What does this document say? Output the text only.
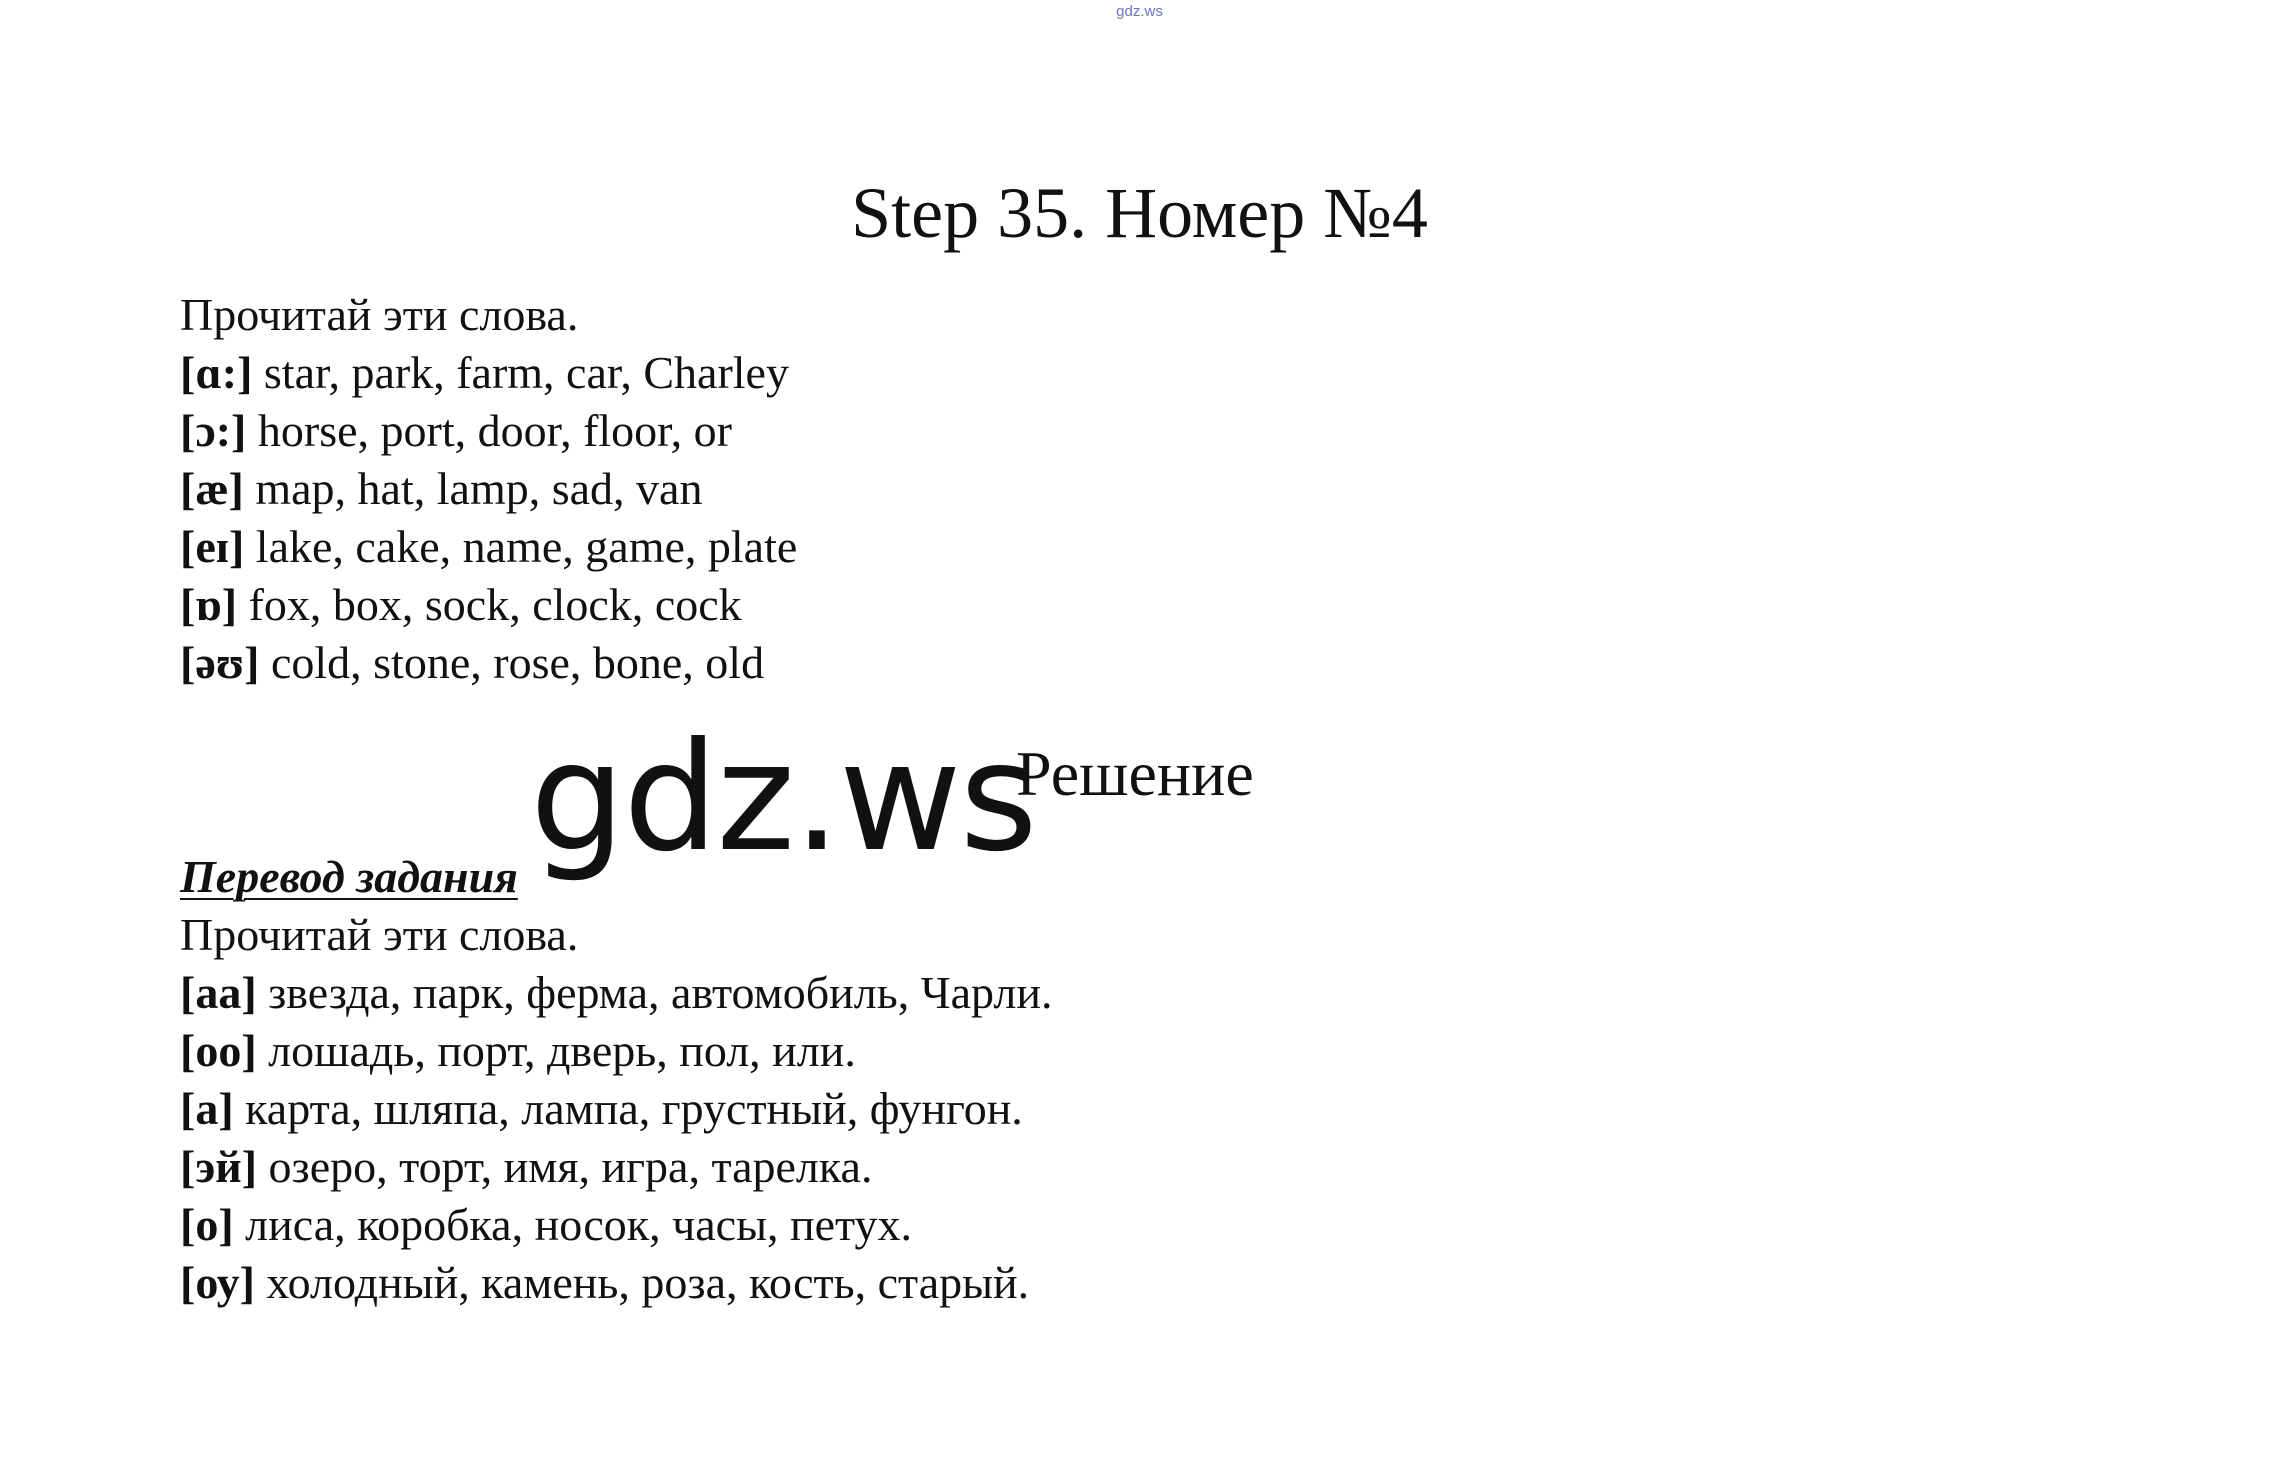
gdz.ws
Step 35. Номер №4
Прочитай эти слова.
[ɑ:] star, park, farm, car, Charley
[ɔ:] horse, port, door, floor, or
[æ] map, hat, lamp, sad, van
[eɪ] lake, cake, name, game, plate
[ɒ] fox, box, sock, clock, cock
[əʊ] cold, stone, rose, bone, old
gdz.ws
Решение
Перевод задания
Прочитай эти слова.
[аа] звезда, парк, ферма, автомобиль, Чарли.
[оо] лошадь, порт, дверь, пол, или.
[а] карта, шляпа, лампа, грустный, фунгон.
[эй] озеро, торт, имя, игра, тарелка.
[о] лиса, коробка, носок, часы, петух.
[оу] холодный, камень, роза, кость, старый.
